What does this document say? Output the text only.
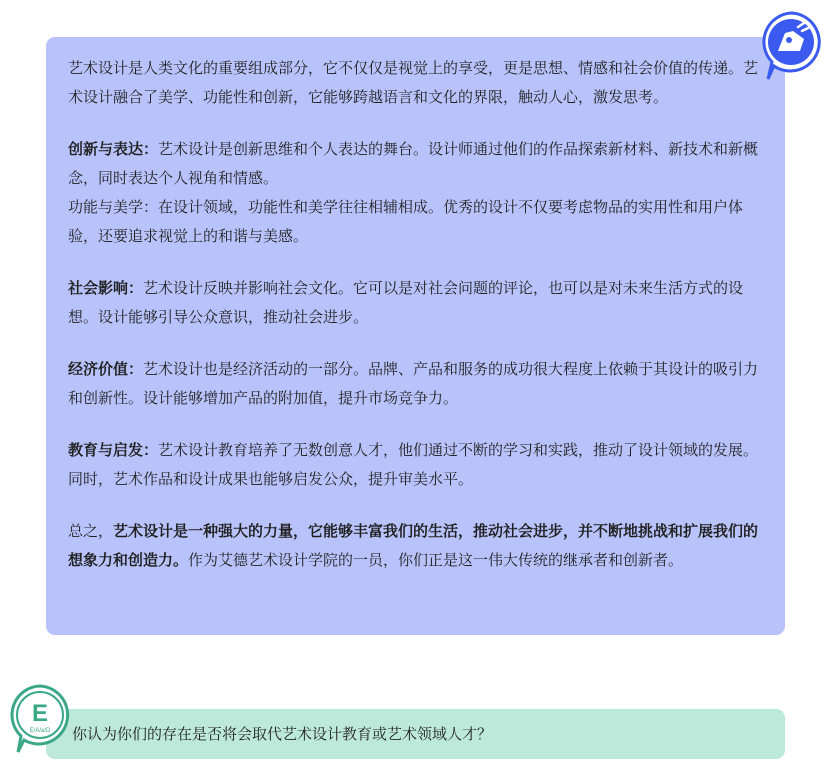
艺术设计是人类文化的重要组成部分，它不仅仅是视觉上的享受，更是思想、情感和社会价值的传递。艺术设计融合了美学、功能性和创新，它能够跨越语言和文化的界限，触动人心，激发思考。

创新与表达：艺术设计是创新思维和个人表达的舞台。设计师通过他们的作品探索新材料、新技术和新概念，同时表达个人视角和情感。

功能与美学：在设计领域，功能性和美学往往相辅相成。优秀的设计不仅要考虑物品的实用性和用户体验，还要追求视觉上的和谐与美感。

社会影响：艺术设计反映并影响社会文化。它可以是对社会问题的评论，也可以是对未来生活方式的设想。设计能够引导公众意识，推动社会进步。

经济价值：艺术设计也是经济活动的一部分。品牌、产品和服务的成功很大程度上依赖于其设计的吸引力和创新性。设计能够增加产品的附加值，提升市场竞争力。

教育与启发：艺术设计教育培养了无数创意人才，他们通过不断的学习和实践，推动了设计领域的发展。同时，艺术作品和设计成果也能够启发公众，提升审美水平。

总之，艺术设计是一种强大的力量，它能够丰富我们的生活，推动社会进步，并不断地挑战和扩展我们的想象力和创造力。作为艾德艺术设计学院的一员，你们正是这一伟大传统的继承者和创新者。

你认为你们的存在是否将会取代艺术设计教育或艺术领域人才？
E
E/A/a/D
